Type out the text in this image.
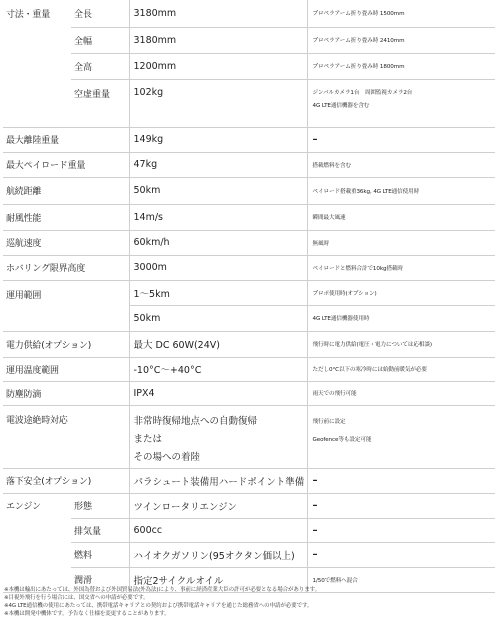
寸法・重量	全長	3180mm	プロペラアーム折り畳み時 1500mm
	全幅	3180mm	プロペラアーム折り畳み時 2410mm
	全高	1200mm	プロペラアーム折り畳み時 1800mm
	空虚重量	102kg	ジンバルカメラ1台　周囲監視カメラ2台
4G LTE通信機器を含む

最大離陸重量		149kg	–
最大ペイロード重量		47kg	搭載燃料を含む
航続距離		50km	ペイロード搭載重36kg, 4G LTE通信使用時
耐風性能		14m/s	瞬間最大風速
巡航速度		60km/h	無風時
ホバリング限界高度		3000m	ペイロードと燃料合計で10kg搭載時
運用範囲		1～5km	プロポ使用時(オプション)
		50km	4G LTE通信機器使用時
電力供給(オプション)		最大 DC 60W(24V)	飛行時に電力供給(電圧・電力については応相談)
運用温度範囲		-10°C～+40°C	ただし0°C以下の寒冷時には始動前暖気が必要
防塵防滴		IPX4	雨天での飛行可能
電波途絶時対応		非常時復帰地点への自動復帰
または
その場への着陸	飛行前に設定
Geofence等も設定可能

落下安全(オプション)		パラシュート装備用ハードポイント準備	–
エンジン	形態	ツインロータリエンジン	–
	排気量	600cc	–
	燃料	ハイオクガソリン(95オクタン価以上)	–
	潤滑	指定2サイクルオイル	1/50で燃料へ混合
※本機は輸出にあたっては、外国為替および外国貿易法(外為法)により、事前に経済産業大臣の許可が必要となる場合があります。
※目視外飛行を行う場合には、国交省への申請が必要です。
※4G LTE通信機の使用にあたっては、携帯電話キャリアとの契約および携帯電話キャリアを通じた総務省への申請が必要です。
※本機は開発中機体です。予告なく仕様を変更することがあります。
